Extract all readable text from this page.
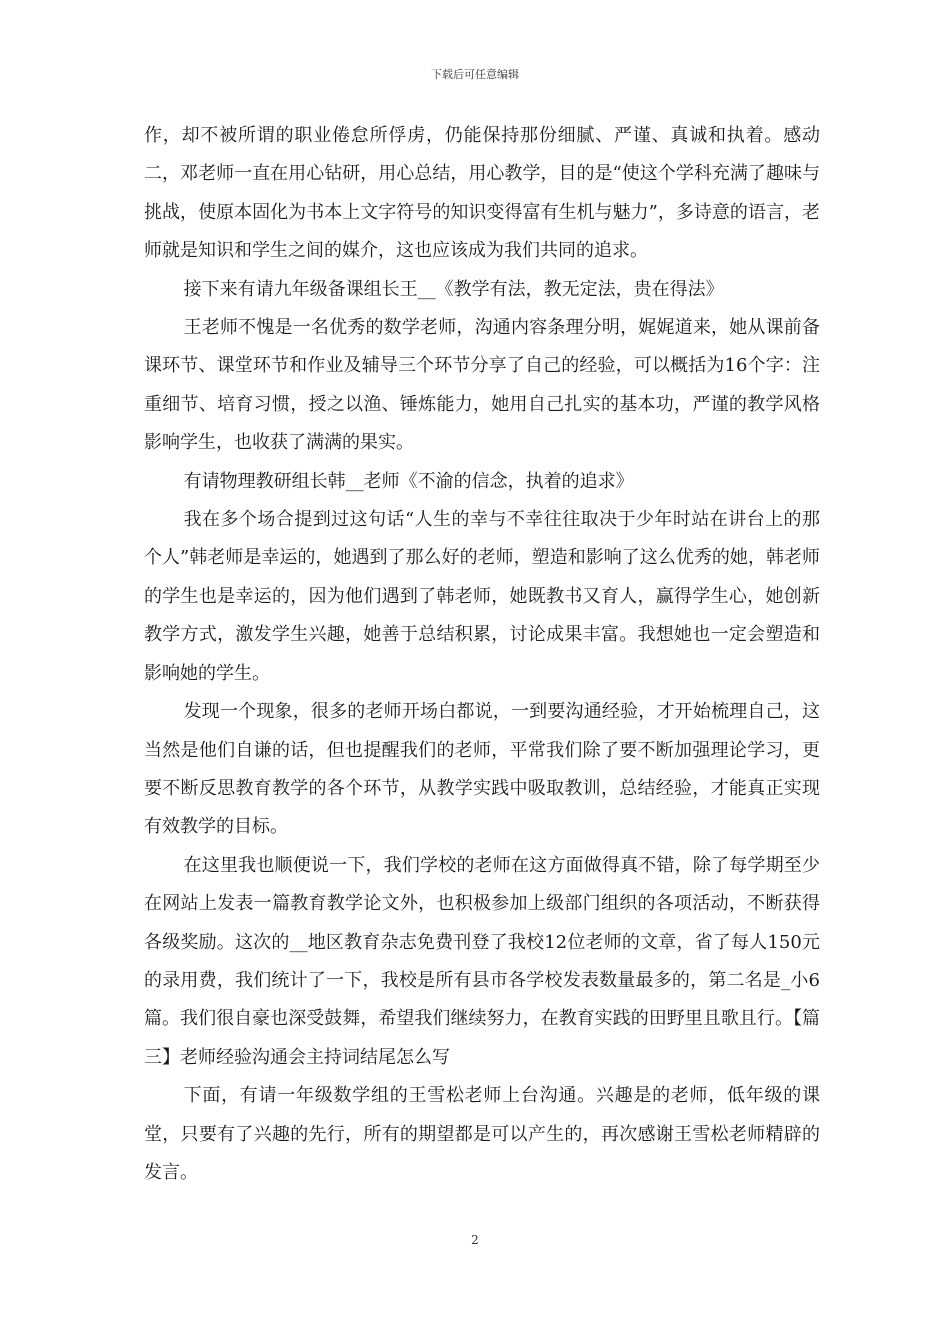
下载后可任意编辑

作，却不被所谓的职业倦怠所俘虏，仍能保持那份细腻、严谨、真诚和执着。感动二，邓老师一直在用心钻研，用心总结，用心教学，目的是“使这个学科充满了趣味与挑战，使原本固化为书本上文字符号的知识变得富有生机与魅力”，多诗意的语言，老师就是知识和学生之间的媒介，这也应该成为我们共同的追求。

接下来有请九年级备课组长王__《教学有法，教无定法，贵在得法》

王老师不愧是一名优秀的数学老师，沟通内容条理分明，娓娓道来，她从课前备课环节、课堂环节和作业及辅导三个环节分享了自己的经验，可以概括为16个字：注重细节、培育习惯，授之以渔、锤炼能力，她用自己扎实的基本功，严谨的教学风格影响学生，也收获了满满的果实。

有请物理教研组长韩__老师《不渝的信念，执着的追求》

我在多个场合提到过这句话“人生的幸与不幸往往取决于少年时站在讲台上的那个人”韩老师是幸运的，她遇到了那么好的老师，塑造和影响了这么优秀的她，韩老师的学生也是幸运的，因为他们遇到了韩老师，她既教书又育人，赢得学生心，她创新教学方式，激发学生兴趣，她善于总结积累，讨论成果丰富。我想她也一定会塑造和影响她的学生。

发现一个现象，很多的老师开场白都说，一到要沟通经验，才开始梳理自己，这当然是他们自谦的话，但也提醒我们的老师，平常我们除了要不断加强理论学习，更要不断反思教育教学的各个环节，从教学实践中吸取教训，总结经验，才能真正实现有效教学的目标。

在这里我也顺便说一下，我们学校的老师在这方面做得真不错，除了每学期至少在网站上发表一篇教育教学论文外，也积极参加上级部门组织的各项活动，不断获得各级奖励。这次的__地区教育杂志免费刊登了我校12位老师的文章，省了每人150元的录用费，我们统计了一下，我校是所有县市各学校发表数量最多的，第二名是_小6篇。我们很自豪也深受鼓舞，希望我们继续努力，在教育实践的田野里且歌且行。【篇三】老师经验沟通会主持词结尾怎么写

下面，有请一年级数学组的王雪松老师上台沟通。兴趣是的老师，低年级的课堂，只要有了兴趣的先行，所有的期望都是可以产生的，再次感谢王雪松老师精辟的发言。

2
